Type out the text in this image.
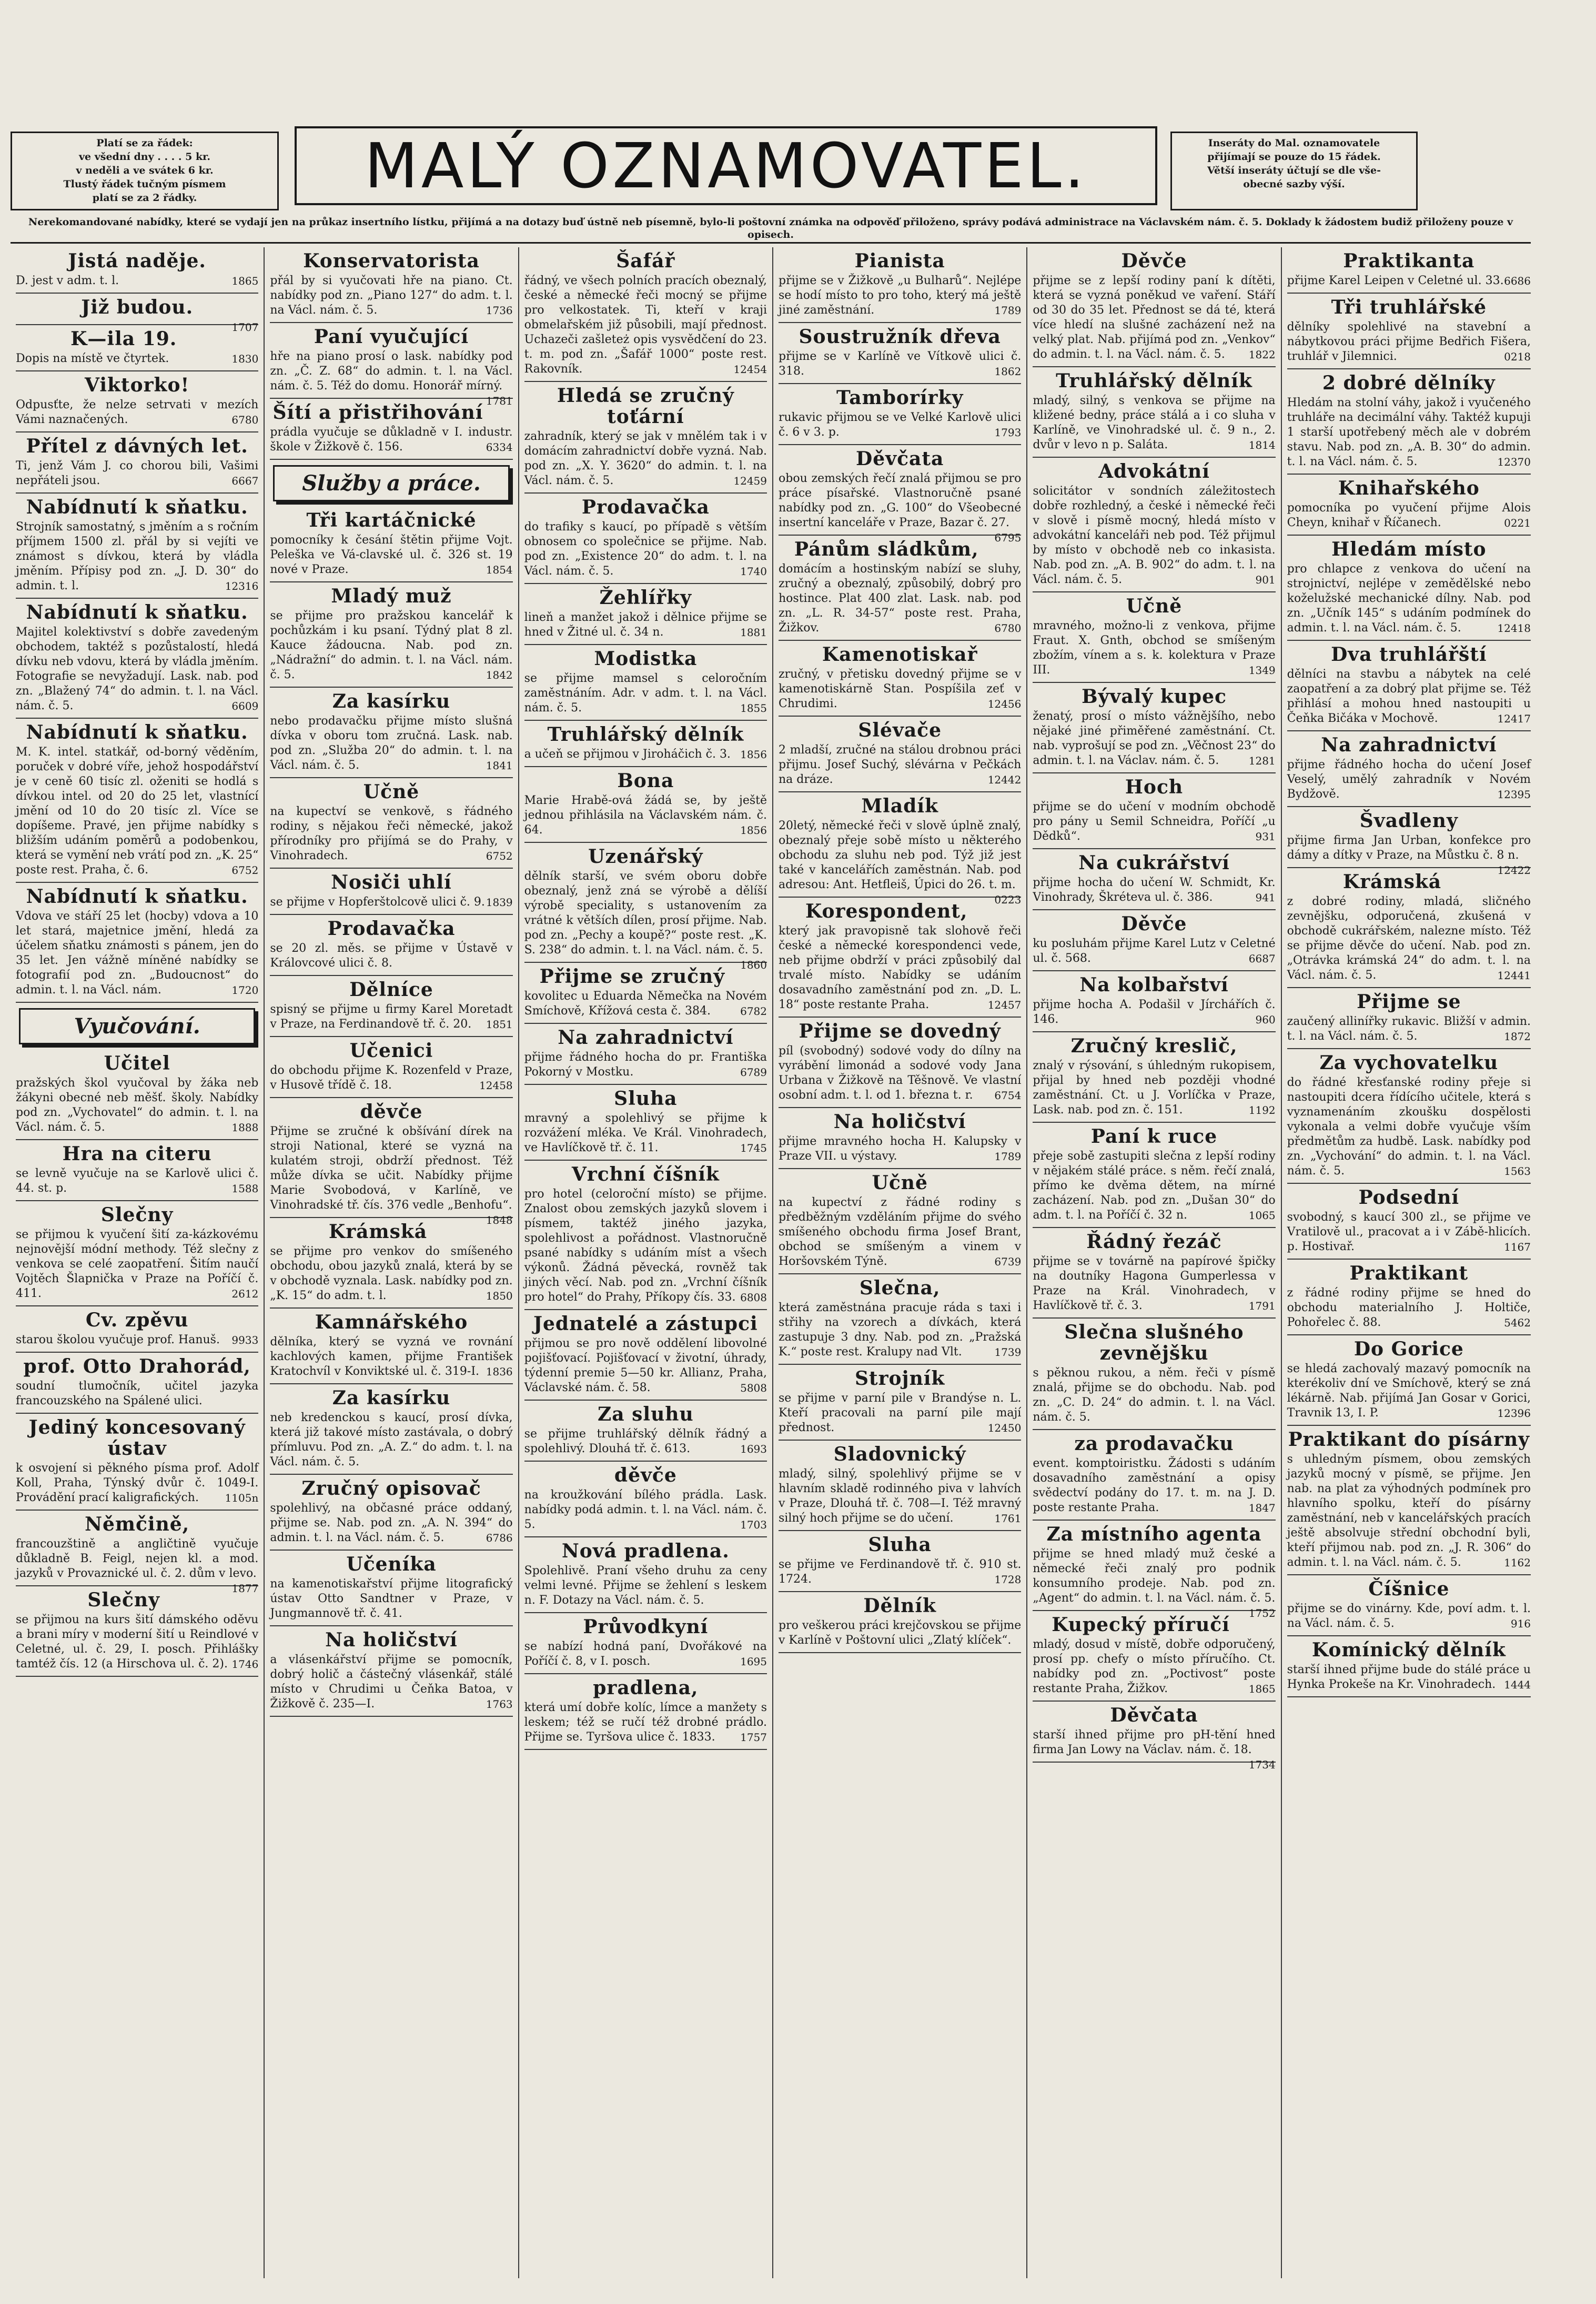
Platí se za řádek:
ve všední dny . . . . 5 kr.
v neděli a ve svátek 6 kr.
Tlustý řádek tučným písmem
platí se za 2 řádky.	MALÝ OZNAMOVATEL.	Inseráty do Mal. oznamovatele
přijímají se pouze do 15 řádek.
Větší inseráty účtují se dle vše-
obecné sazby výší.
Nerekomandované nabídky, které se vydají jen na průkaz insertního lístku, přijímá a na dotazy buď ústně neb písemně, bylo-li poštovní známka na odpověď přiloženo, správy podává administrace na Václavském nám. č. 5. Doklady k žádostem budiž přiloženy pouze v opisech.
Jistá naděje.

D. jest v adm. t. l.	1865

Již budou.

1707

K—ila 19.

Dopis na místě ve čtyrtek.	1830

Viktorko!

Odpusťte, že nelze setrvati v mezích Vámi naznačených.	6780

Přítel z dávných let.

Ti, jenž Vám J. co chorou bili, Vašimi nepřáteli jsou.	6667

Nabídnutí k sňatku.

Strojník samostatný, s jměním a s ročním příjmem 1500 zl. přál by si vejíti ve známost s dívkou, která by vládla jměním. Přípisy pod zn. „J. D. 30“ do admin. t. l.	12316

Nabídnutí k sňatku.

Majitel kolektivství s dobře zavedeným obchodem, taktéž s pozůstalostí, hledá dívku neb vdovu, která by vládla jměním. Fotografie se nevyžadují. Lask. nab. pod zn. „Blažený 74“ do admin. t. l. na Václ. nám. č. 5.	6609

Nabídnutí k sňatku.

M. K. intel. statkář, od-borný věděním, poruček v dobré víře, jehož hospodářství je v ceně 60 tisíc zl. oženiti se hodlá s dívkou intel. od 20 do 25 let, vlastnící jmění od 10 do 20 tisíc zl. Více se dopíšeme. Pravé, jen přijme nabídky s bližším udáním poměrů a podobenkou, která se vymění neb vrátí pod zn. „K. 25“ poste rest. Praha, č. 6.	6752

Nabídnutí k sňatku.

Vdova ve stáří 25 let (hocby) vdova a 10 let stará, majetnice jmění, hledá za účelem sňatku známosti s pánem, jen do 35 let. Jen vážně míněné nabídky se fotografií pod zn. „Budoucnost“ do admin. t. l. na Václ. nám.	1720

Vyučování.
Učitel

pražských škol vyučoval by žáka neb žákyni obecné neb měšť. školy. Nabídky pod zn. „Vychovatel“ do admin. t. l. na Václ. nám. č. 5.	1888

Hra na citeru

se levně vyučuje na se Karlově ulici č. 44. st. p.	1588

Slečny

se přijmou k vyučení šití za-kázkovému nejnovější módní methody. Též slečny z venkova se celé zaopatření. Šitím naučí Vojtěch Šlapnička v Praze na Poříčí č. 411.	2612

Cv. zpěvu

starou školou vyučuje prof. Hanuš. 9933

prof. Otto Drahorád,

soudní tlumočník, učitel jazyka francouzského na Spálené ulici.

Jediný koncesovaný ústav

k osvojení si pěkného písma prof. Adolf Koll, Praha, Týnský dvůr č. 1049-I. Provádění prací kaligrafických. 1105n

Němčině,

francouzštině a angličtině vyučuje důkladně B. Feigl, nejen kl. a mod. jazyků v Provaznické ul. č. 2. dům v levo.
1877

Slečny

se přijmou na kurs šití dámského oděvu a brani míry v moderní šití u Reindlové v Celetné, ul. č. 29, I. posch. Přihlášky tamtéž čís. 12 (a Hirschova ul. č. 2). 1746

Konservatorista

přál by si vyučovati hře na piano. Ct. nabídky pod zn. „Piano 127“ do adm. t. l. na Václ. nám. č. 5.	1736

Paní vyučující

hře na piano prosí o lask. nabídky pod zn. „Č. Z. 68“ do admin. t. l. na Václ. nám. č. 5. Též do domu. Honorář mírný.
1781

Šítí a přistřihování

prádla vyučuje se důkladně v I. industr. škole v Žižkově č. 156.	6334

Služby a práce.
Tři kartáčnické

pomocníky k česání štětin přijme Vojt. Peleška ve Vá-clavské ul. č. 326 st. 19 nové v Praze.	1854

Mladý muž

se přijme pro pražskou kancelář k pochůzkám i ku psaní. Týdný plat 8 zl. Kauce žádoucna. Nab. pod zn. „Nádražní“ do admin. t. l. na Václ. nám. č. 5.	1842

Za kasírku

nebo prodavačku přijme místo slušná dívka v oboru tom zručná. Lask. nab. pod zn. „Služba 20“ do admin. t. l. na Václ. nám. č. 5.	1841

Učně

na kupectví se venkově, s řádného rodiny, s nějakou řeči německé, jakož přírodníky pro přijímá se do Prahy, v Vinohradech.	6752

Nosiči uhlí

se přijme v Hopferštolcově ulici č. 9. 1839

Prodavačka

se 20 zl. měs. se přijme v Ústavě v Královcové ulici č. 8.

Dělníce

spisný se přijme u firmy Karel Moretadt v Praze, na Ferdinandově tř. č. 20. 1851

Učenici

do obchodu přijme K. Rozenfeld v Praze, v Husově třídě č. 18.	12458

děvče

Přijme se zručné k obšívání dírek na stroji National, které se vyzná na kulatém stroji, obdrží přednost. Též může dívka se učit. Nabídky přijme Marie Svobodová, v Karlíně, ve Vinohradské tř. čís. 376 vedle „Benhofu“.
1848

Krámská

se přijme pro venkov do smíšeného obchodu, obou jazyků znalá, která by se v obchodě vyznala. Lask. nabídky pod zn. „K. 15“ do adm. t. l.	1850

Kamnářského

dělníka, který se vyzná ve rovnání kachlových kamen, přijme František Kratochvíl v Konviktské ul. č. 319-I. 1836

Za kasírku

neb kredenckou s kaucí, prosí dívka, která již takové místo zastávala, o dobrý přímluvu. Pod zn. „A. Z.“ do adm. t. l. na Václ. nám. č. 5.

Zručný opisovač

spolehlivý, na občasné práce oddaný, přijme se. Nab. pod zn. „A. N. 394“ do admin. t. l. na Václ. nám. č. 5.	6786

Učeníka

na kamenotiskařství přijme litografický ústav Otto Sandtner v Praze, v Jungmannově tř. č. 41.

Na holičství

a vlásenkářství přijme se pomocník, dobrý holič a částečný vlásenkář, stálé místo v Chrudimi u Čeňka Batoa, v Žižkově č. 235—I.	1763

Šafář

řádný, ve všech polních pracích obeznalý, české a německé řeči mocný se přijme pro velkostatek. Ti, kteří v kraji obmelařském již působili, mají přednost. Uchazeči zašleteż opis vysvědčení do 23. t. m. pod zn. „Šafář 1000“ poste rest. Rakovník.	12454

Hledá se zručný toťární

zahradník, který se jak v mnělém tak i v domácím zahradnictví dobře vyzná. Nab. pod zn. „X. Y. 3620“ do admin. t. l. na Václ. nám. č. 5.	12459

Prodavačka

do trafiky s kaucí, po případě s větším obnosem co společnice se přijme. Nab. pod zn. „Existence 20“ do adm. t. l. na Václ. nám. č. 5.	1740

Žehlířky

lineň a manžet jakož i dělnice přijme se hned v Žitné ul. č. 34 n.	1881

Modistka

se přijme mamsel s celoročním zaměstnáním. Adr. v adm. t. l. na Václ. nám. č. 5.	1855

Truhlářský dělník

a učeň se přijmou v Jiroháčich č. 3. 1856

Bona

Marie Hrabě-ová žádá se, by ještě jednou přihlásila na Václavském nám. č. 64.	1856

Uzenářský

dělník starší, ve svém oboru dobře obeznalý, jenž zná se výrobě a dělíší výrobě speciality, s ustanovením za vrátné k větších dílen, prosí přijme. Nab. pod zn. „Pechy a koupě?“ poste rest. „K. S. 238“ do admin. t. l. na Václ. nám. č. 5.
1860

Přijme se zručný

kovolitec u Eduarda Němečka na Novém Smíchově, Křížová cesta č. 384.	6782

Na zahradnictví

přijme řádného hocha do pr. Františka Pokorný v Mostku.	6789

Sluha

mravný a spolehlivý se přijme k rozvážení mléka. Ve Král. Vinohradech, ve Havlíčkově tř. č. 11.	1745

Vrchní číšník

pro hotel (celoroční místo) se přijme. Znalost obou zemských jazyků slovem i písmem, taktéž jiného jazyka, spolehlivost a pořádnost. Vlastnoručně psané nabídky s udáním míst a všech výkonů. Žádná pěvecká, rovněž tak jiných věcí. Nab. pod zn. „Vrchní číšník pro hotel“ do Prahy, Příkopy čís. 33. 6808

Jednatelé a zástupci

přijmou se pro nově oddělení libovolné pojišťovací. Pojišťovací v životní, úhrady, týdenní premie 5—50 kr. Allianz, Praha, Václavské nám. č. 58.	5808

Za sluhu

se přijme truhlářský dělník řádný a spolehlivý. Dlouhá tř. č. 613.	1693

děvče

na kroužkování bílého prádla. Lask. nabídky podá admin. t. l. na Václ. nám. č. 5.	1703

Nová pradlena.

Spolehlivě. Praní všeho druhu za ceny velmi levné. Přijme se žehlení s leskem n. F. Dotazy na Václ. nám. č. 5.

Průvodkyní

se nabízí hodná paní, Dvořákové na Poříčí č. 8, v I. posch.	1695

pradlena,

která umí dobře kolíc, límce a manžety s leskem; též se ručí též drobné prádlo. Přijme se. Tyršova ulice č. 1833. 1757

Pianista

přijme se v Žižkově „u Bulharů“. Nejlépe se hodí místo to pro toho, který má ještě jiné zaměstnání.	1789

Soustružník dřeva

přijme se v Karlíně ve Vítkově ulici č. 318.	1862

Tamborírky

rukavic přijmou se ve Velké Karlově ulici č. 6 v 3. p.	1793

Děvčata

obou zemských řečí znalá přijmou se pro práce písařské. Vlastnoručně psané nabídky pod zn. „G. 100“ do Všeobecné insertní kanceláře v Praze, Bazar č. 27.
6795

Pánům sládkům,

domácím a hostinským nabízí se sluhy, zručný a obeznalý, způsobilý, dobrý pro hostince. Plat 400 zlat. Lask. nab. pod zn. „L. R. 34-57“ poste rest. Praha, Žižkov.	6780

Kamenotiskař

zručný, v přetisku dovedný přijme se v kamenotiskárně Stan. Pospíšila zeť v Chrudimi.	12456

Slévače

2 mladší, zručné na stálou drobnou práci přijmu. Josef Suchý, slévárna v Pečkách na dráze.	12442

Mladík

20letý, německé řeči v slově úplně znalý, obeznalý přeje sobě místo u některého obchodu za sluhu neb pod. Týž již jest také v kancelářích zaměstnán. Nab. pod adresou: Ant. Hetfleiš, Úpici do 26. t. m.
0223

Korespondent,

který jak pravopisně tak slohově řeči české a německé korespondenci vede, neb přijme obdrží v práci způsobilý dal trvalé místo. Nabídky se udáním dosavadního zaměstnání pod zn. „D. L. 18“ poste restante Praha.	12457

Přijme se dovedný

píl (svobodný) sodové vody do dílny na vyrábění limonád a sodové vody Jana Urbana v Žižkově na Těšnově. Ve vlastní osobní adm. t. l. od 1. března t. r. 6754

Na holičství

přijme mravného hocha H. Kalupsky v Praze VII. u výstavy.	1789

Učně

na kupectví z řádné rodiny s předběžným vzděláním přijme do svého smíšeného obchodu firma Josef Brant, obchod se smíšeným a vinem v Horšovském Týně.	6739

Slečna,

která zaměstnána pracuje ráda s taxi i střihy na vzorech a dívkách, která zastupuje 3 dny. Nab. pod zn. „Pražská K.“ poste rest. Kralupy nad Vlt.	1739

Strojník

se přijme v parní pile v Brandýse n. L. Kteří pracovali na parní pile mají přednost.	12450

Sladovnický

mladý, silný, spolehlivý přijme se v hlavním skladě rodinného piva v lahvích v Praze, Dlouhá tř. č. 708—I. Též mravný silný hoch přijme se do učení.	1761

Sluha

se přijme ve Ferdinandově tř. č. 910 st. 1724.	1728

Dělník

pro veškerou práci krejčovskou se přijme v Karlíně v Poštovní ulici „Zlatý klíček“.

Děvče

přijme se z lepší rodiny paní k dítěti, která se vyzná poněkud ve vaření. Stáří od 30 do 35 let. Přednost se dá té, která více hledí na slušné zacházení než na velký plat. Nab. přijímá pod zn. „Venkov“ do admin. t. l. na Václ. nám. č. 5. 1822

Truhlářský dělník

mladý, silný, s venkova se přijme na kližené bedny, práce stálá a i co sluha v Karlíně, ve Vinohradské ul. č. 9 n., 2. dvůr v levo n p. Saláta.	1814

Advokátní

solicitátor v sondních záležitostech dobře rozhledný, a české i německé řeči v slově i písmě mocný, hledá místo v advokátní kanceláři neb pod. Též přijmul by místo v obchodě neb co inkasista. Nab. pod zn. „A. B. 902“ do adm. t. l. na Václ. nám. č. 5.	901

Učně

mravného, možno-li z venkova, přijme Fraut. X. Gnth, obchod se smíšeným zbožím, vínem a s. k. kolektura v Praze III.	1349

Bývalý kupec

ženatý, prosí o místo vážnějšího, nebo nějaké jiné přiměřené zaměstnání. Ct. nab. vyprošují se pod zn. „Věčnost 23“ do admin. t. l. na Václav. nám. č. 5.	1281

Hoch

přijme se do učení v modním obchodě pro pány u Semil Schneidra, Poříčí „u Dědků“.	931

Na cukrářství

přijme hocha do učení W. Schmidt, Kr. Vinohrady, Škréteva ul. č. 386.	941

Děvče

ku posluhám přijme Karel Lutz v Celetné ul. č. 568.	6687

Na kolbařství

přijme hocha A. Podašil v Jírchářích č. 146.	960

Zručný kreslič,

znalý v rýsování, s úhledným rukopisem, přijal by hned neb později vhodné zaměstnání. Ct. u J. Vorlíčka v Praze, Lask. nab. pod zn. č. 151.	1192

Paní k ruce

přeje sobě zastupiti slečna z lepší rodiny v nějakém stálé práce. s něm. řečí znalá, přímo ke dvěma dětem, na mírné zacházení. Nab. pod zn. „Dušan 30“ do adm. t. l. na Poříčí č. 32 n.	1065

Řádný řezáč

přijme se v továrně na papírové špičky na doutníky Hagona Gumperlessa v Praze na Král. Vinohradech, v Havlíčkově tř. č. 3.	1791

Slečna slušného zevnějšku

s pěknou rukou, a něm. řeči v písmě znalá, přijme se do obchodu. Nab. pod zn. „C. D. 24“ do admin. t. l. na Václ. nám. č. 5.

za prodavačku

event. komptoiristku. Žádosti s udáním dosavadního zaměstnání a opisy svědectví podány do 17. t. m. na J. D. poste restante Praha.	1847

Za místního agenta

přijme se hned mladý muž české a německé řeči znalý pro podnik konsumního prodeje. Nab. pod zn. „Agent“ do admin. t. l. na Václ. nám. č. 5.
1752

Kupecký příručí

mladý, dosud v místě, dobře odporučený, prosí pp. chefy o místo příručího. Ct. nabídky pod zn. „Poctivost“ poste restante Praha, Žižkov.	1865

Děvčata

starší ihned přijme pro pH-tění hned firma Jan Lowy na Václav. nám. č. 18.
1734

Praktikanta

přijme Karel Leipen v Celetné ul. 33. 6686

Tři truhlářské

dělníky spolehlivé na stavební a nábytkovou práci přijme Bedřich Fišera, truhlář v Jilemnici.	0218

2 dobré dělníky

Hledám na stolní váhy, jakož i vyučeného truhláře na decimální váhy. Taktéž kupuji 1 starší upotřebený měch ale v dobrém stavu. Nab. pod zn. „A. B. 30“ do admin. t. l. na Václ. nám. č. 5.	12370

Knihařského

pomocníka po vyučení přijme Alois Cheyn, knihař v Říčanech.	0221

Hledám místo

pro chlapce z venkova do učení na strojnictví, nejlépe v zemědělské nebo koželužské mechanické dílny. Nab. pod zn. „Učník 145“ s udáním podmínek do admin. t. l. na Václ. nám. č. 5.	12418

Dva truhlářští

dělníci na stavbu a nábytek na celé zaopatření a za dobrý plat přijme se. Též přihlásí a mohou hned nastoupiti u Čeňka Bičáka v Mochově.	12417

Na zahradnictví

přijme řádného hocha do učení Josef Veselý, umělý zahradník v Novém Bydžově.	12395

Švadleny

přijme firma Jan Urban, konfekce pro dámy a dítky v Praze, na Můstku č. 8 n.
12422

Krámská

z dobré rodiny, mladá, sličného zevnějšku, odporučená, zkušená v obchodě cukrářském, nalezne místo. Též se přijme děvče do učení. Nab. pod zn. „Otrávka krámská 24“ do adm. t. l. na Václ. nám. č. 5.	12441

Přijme se

zaučený allinířky rukavic. Bližší v admin. t. l. na Václ. nám. č. 5.	1872

Za vychovatelku

do řádné křesťanské rodiny přeje si nastoupiti dcera řídícího učitele, která s vyznamenáním zkoušku dospělosti vykonala a velmi dobře vyučuje vším předmětům za hudbě. Lask. nabídky pod zn. „Vychování“ do admin. t. l. na Václ. nám. č. 5.	1563

Podsední

svobodný, s kaucí 300 zl., se přijme ve Vratilově ul., pracovat a i v Zábě-hlicích. p. Hostivař.	1167

Praktikant

z řádné rodiny přijme se hned do obchodu materialního J. Holtiče, Pohořelec č. 88.	5462

Do Gorice

se hledá zachovalý mazavý pomocník na kterékoliv dní ve Smíchově, který se zná lékárně. Nab. přijímá Jan Gosar v Gorici, Travnik 13, I. P.	12396

Praktikant do písárny

s uhledným písmem, obou zemských jazyků mocný v písmě, se přijme. Jen nab. na plat za výhodných podmínek pro hlavního spolku, kteří do písárny zaměstnání, neb v kancelářských pracích ještě absolvuje střední obchodní byli, kteří přijmou nab. pod zn. „J. R. 306“ do admin. t. l. na Václ. nám. č. 5.	1162

Číšnice

přijme se do vinárny. Kde, poví adm. t. l. na Václ. nám. č. 5.	916

Komínický dělník

starší ihned přijme bude do stálé práce u Hynka Prokeše na Kr. Vinohradech. 1444
